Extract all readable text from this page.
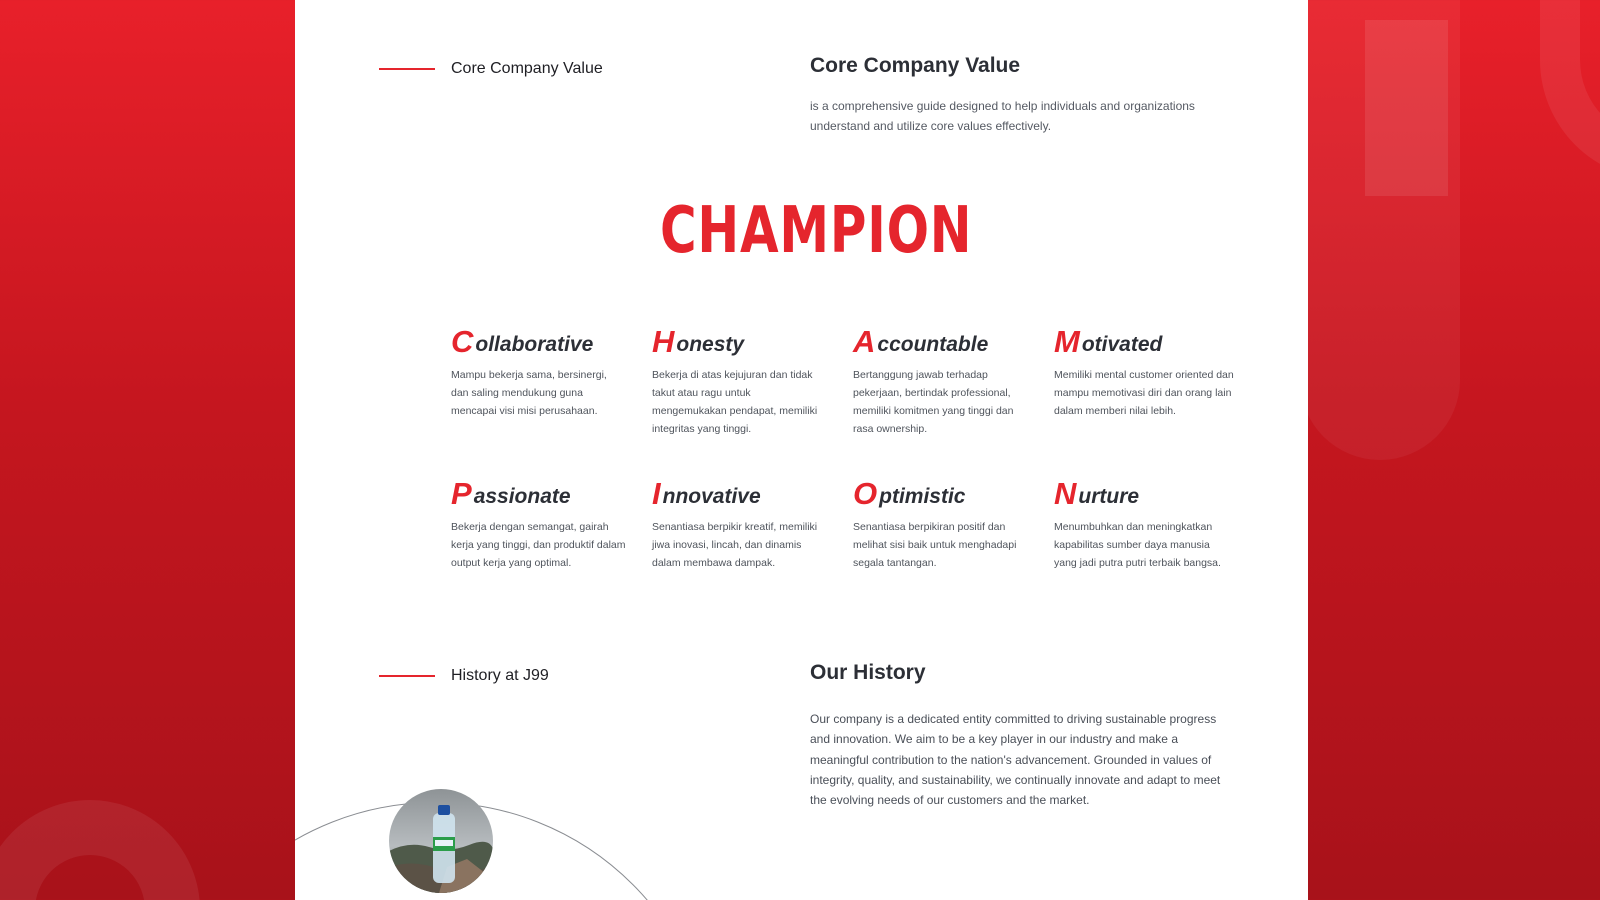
Core Company Value	Core Company Value

is a comprehensive guide designed to help individuals and organizations understand and utilize core values effectively.

CHAMPION
C ollaborative

Mampu bekerja sama, bersinergi, dan saling mendukung guna mencapai visi misi perusahaan.

H onesty

Bekerja di atas kejujuran dan tidak takut atau ragu untuk mengemukakan pendapat, memiliki integritas yang tinggi.

A ccountable

Bertanggung jawab terhadap pekerjaan, bertindak professional, memiliki komitmen yang tinggi dan rasa ownership.

M otivated

Memiliki mental customer oriented dan mampu memotivasi diri dan orang lain dalam memberi nilai lebih.

P assionate

Bekerja dengan semangat, gairah kerja yang tinggi, dan produktif dalam output kerja yang optimal.

I nnovative

Senantiasa berpikir kreatif, memiliki jiwa inovasi, lincah, dan dinamis dalam membawa dampak.

O ptimistic

Senantiasa berpikiran positif dan melihat sisi baik untuk menghadapi segala tantangan.

N urture

Menumbuhkan dan meningkatkan kapabilitas sumber daya manusia yang jadi putra putri terbaik bangsa.

History at J99	Our History

Our company is a dedicated entity committed to driving sustainable progress and innovation. We aim to be a key player in our industry and make a meaningful contribution to the nation's advancement. Grounded in values of integrity, quality, and sustainability, we continually innovate and adapt to meet the evolving needs of our customers and the market.
